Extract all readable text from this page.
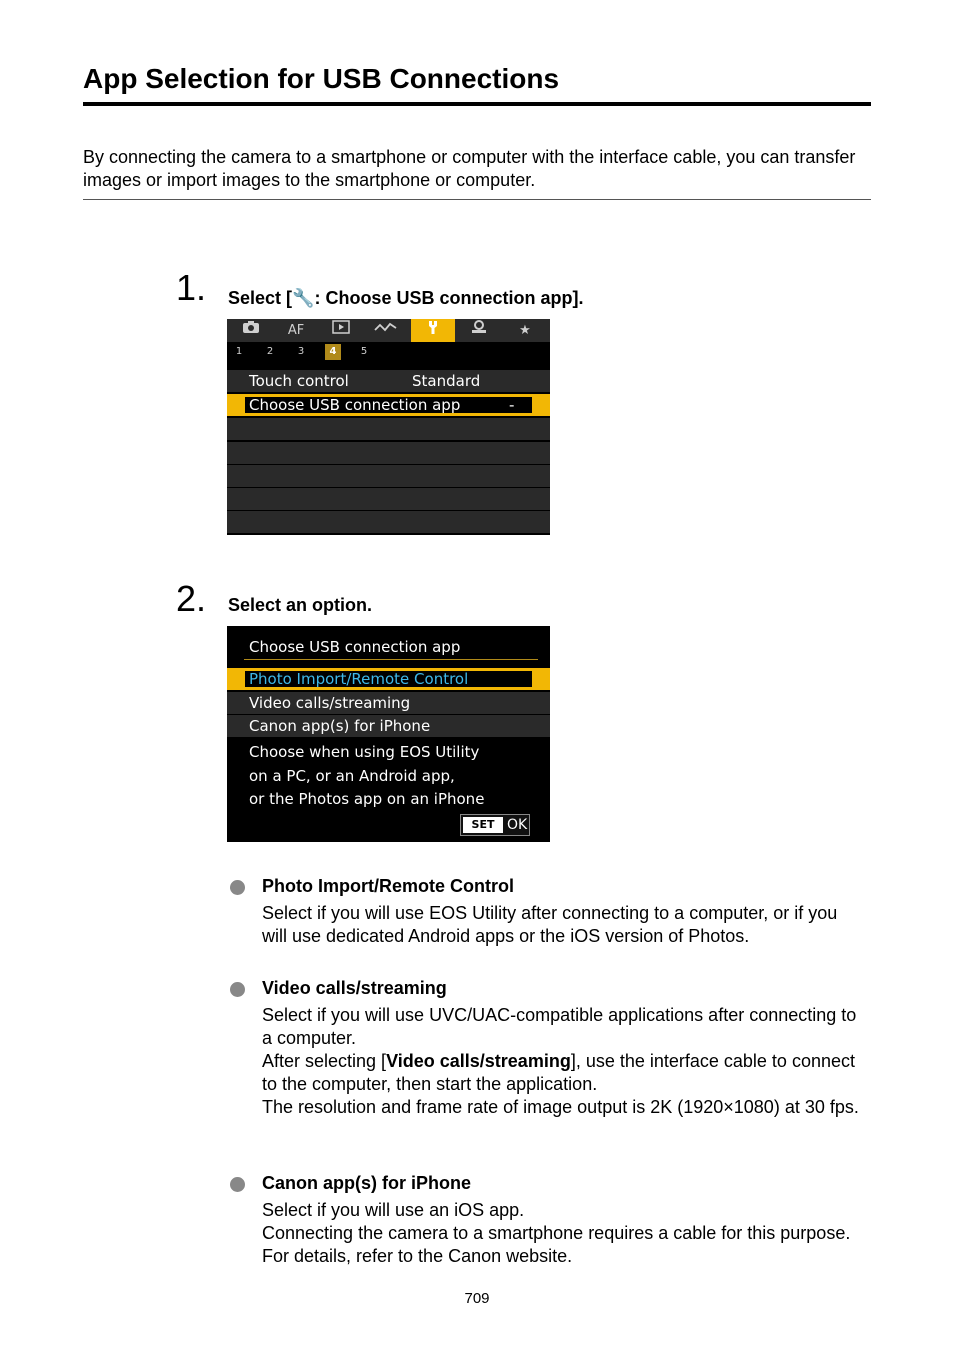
App Selection for USB Connections
By connecting the camera to a smartphone or computer with the interface cable, you can transfer images or import images to the smartphone or computer.
1. Select [🔧: Choose USB connection app].
AF	★
1	2	3	4	5
Touch control	Standard
Choose USB connection app	-
2. Select an option.
Choose USB connection app
Photo Import/Remote Control
Video calls/streaming
Canon app(s) for iPhone
Choose when using EOS Utility
on a PC, or an Android app,
or the Photos app on an iPhone
SET OK
Photo Import/Remote Control

Select if you will use EOS Utility after connecting to a computer, or if you will use dedicated Android apps or the iOS version of Photos.

Video calls/streaming

Select if you will use UVC/UAC-compatible applications after connecting to a computer.

After selecting [Video calls/streaming], use the interface cable to connect to the computer, then start the application.

The resolution and frame rate of image output is 2K (1920×1080) at 30 fps.

Canon app(s) for iPhone

Select if you will use an iOS app.

Connecting the camera to a smartphone requires a cable for this purpose. For details, refer to the Canon website.

709
